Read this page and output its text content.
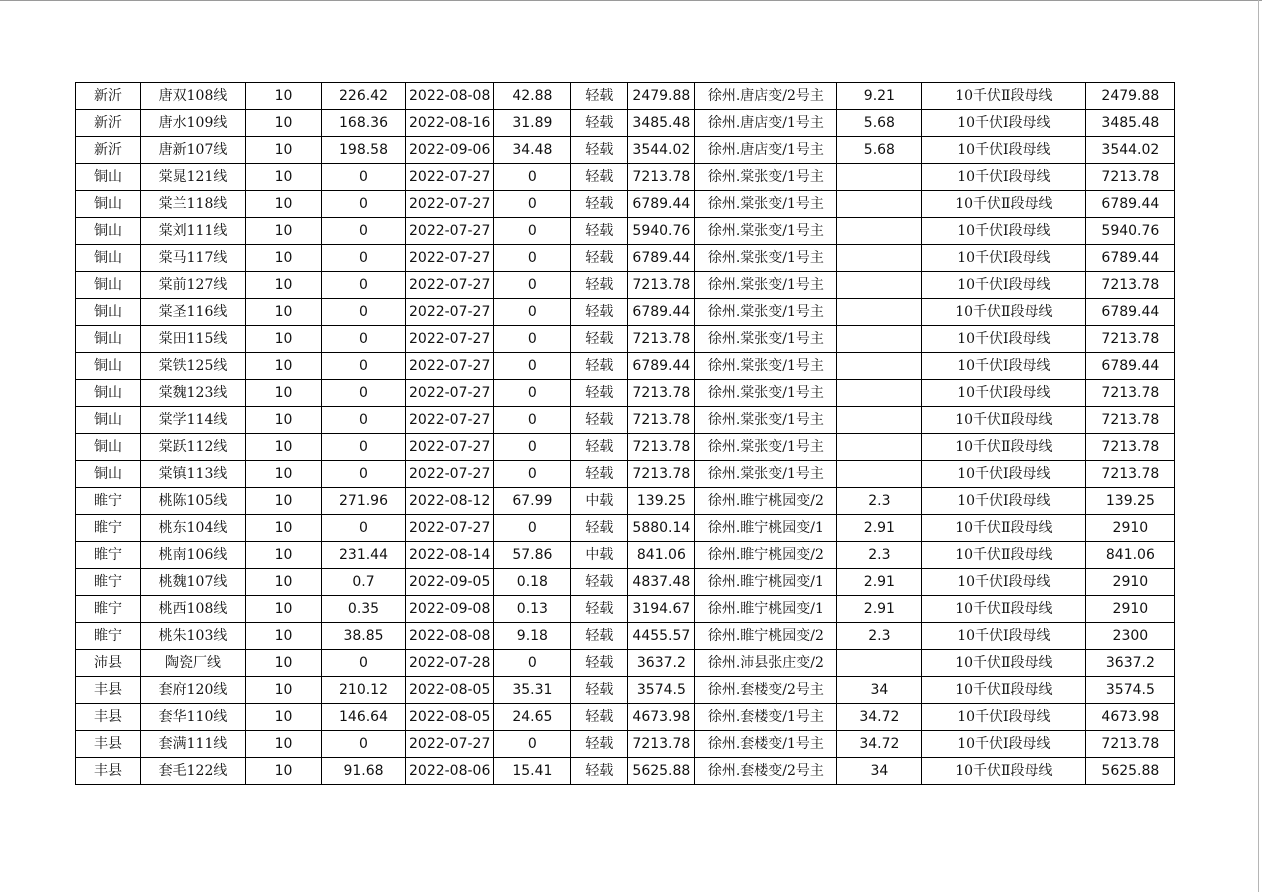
新沂	唐双108线	10	226.42	2022-08-08	42.88	轻载	2479.88	徐州.唐店变/2号主	9.21	10千伏Ⅱ段母线	2479.88
新沂	唐水109线	10	168.36	2022-08-16	31.89	轻载	3485.48	徐州.唐店变/1号主	5.68	10千伏Ⅰ段母线	3485.48
新沂	唐新107线	10	198.58	2022-09-06	34.48	轻载	3544.02	徐州.唐店变/1号主	5.68	10千伏Ⅰ段母线	3544.02
铜山	棠晁121线	10	0	2022-07-27	0	轻载	7213.78	徐州.棠张变/1号主		10千伏Ⅰ段母线	7213.78
铜山	棠兰118线	10	0	2022-07-27	0	轻载	6789.44	徐州.棠张变/1号主		10千伏Ⅱ段母线	6789.44
铜山	棠刘111线	10	0	2022-07-27	0	轻载	5940.76	徐州.棠张变/1号主		10千伏Ⅰ段母线	5940.76
铜山	棠马117线	10	0	2022-07-27	0	轻载	6789.44	徐州.棠张变/1号主		10千伏Ⅰ段母线	6789.44
铜山	棠前127线	10	0	2022-07-27	0	轻载	7213.78	徐州.棠张变/1号主		10千伏Ⅰ段母线	7213.78
铜山	棠圣116线	10	0	2022-07-27	0	轻载	6789.44	徐州.棠张变/1号主		10千伏Ⅱ段母线	6789.44
铜山	棠田115线	10	0	2022-07-27	0	轻载	7213.78	徐州.棠张变/1号主		10千伏Ⅰ段母线	7213.78
铜山	棠铁125线	10	0	2022-07-27	0	轻载	6789.44	徐州.棠张变/1号主		10千伏Ⅰ段母线	6789.44
铜山	棠魏123线	10	0	2022-07-27	0	轻载	7213.78	徐州.棠张变/1号主		10千伏Ⅰ段母线	7213.78
铜山	棠学114线	10	0	2022-07-27	0	轻载	7213.78	徐州.棠张变/1号主		10千伏Ⅱ段母线	7213.78
铜山	棠跃112线	10	0	2022-07-27	0	轻载	7213.78	徐州.棠张变/1号主		10千伏Ⅱ段母线	7213.78
铜山	棠镇113线	10	0	2022-07-27	0	轻载	7213.78	徐州.棠张变/1号主		10千伏Ⅰ段母线	7213.78
睢宁	桃陈105线	10	271.96	2022-08-12	67.99	中载	139.25	徐州.睢宁桃园变/2	2.3	10千伏Ⅰ段母线	139.25
睢宁	桃东104线	10	0	2022-07-27	0	轻载	5880.14	徐州.睢宁桃园变/1	2.91	10千伏Ⅱ段母线	2910
睢宁	桃南106线	10	231.44	2022-08-14	57.86	中载	841.06	徐州.睢宁桃园变/2	2.3	10千伏Ⅱ段母线	841.06
睢宁	桃魏107线	10	0.7	2022-09-05	0.18	轻载	4837.48	徐州.睢宁桃园变/1	2.91	10千伏Ⅰ段母线	2910
睢宁	桃西108线	10	0.35	2022-09-08	0.13	轻载	3194.67	徐州.睢宁桃园变/1	2.91	10千伏Ⅱ段母线	2910
睢宁	桃朱103线	10	38.85	2022-08-08	9.18	轻载	4455.57	徐州.睢宁桃园变/2	2.3	10千伏Ⅰ段母线	2300
沛县	陶瓷厂线	10	0	2022-07-28	0	轻载	3637.2	徐州.沛县张庄变/2		10千伏Ⅱ段母线	3637.2
丰县	套府120线	10	210.12	2022-08-05	35.31	轻载	3574.5	徐州.套楼变/2号主	34	10千伏Ⅱ段母线	3574.5
丰县	套华110线	10	146.64	2022-08-05	24.65	轻载	4673.98	徐州.套楼变/1号主	34.72	10千伏Ⅰ段母线	4673.98
丰县	套满111线	10	0	2022-07-27	0	轻载	7213.78	徐州.套楼变/1号主	34.72	10千伏Ⅰ段母线	7213.78
丰县	套毛122线	10	91.68	2022-08-06	15.41	轻载	5625.88	徐州.套楼变/2号主	34	10千伏Ⅱ段母线	5625.88
